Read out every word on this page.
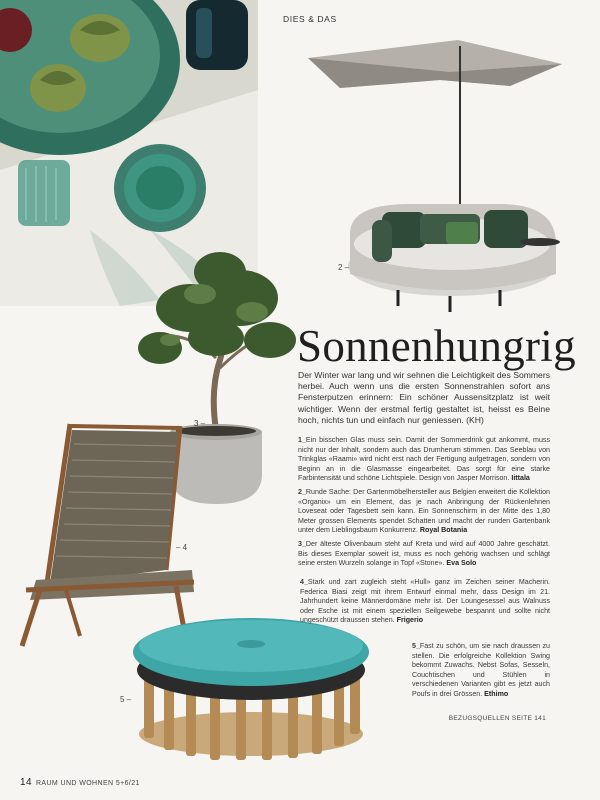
DIES & DAS
2 –
3 –
– 4
5 –
Sonnenhungrig

Der Winter war lang und wir sehnen die Leichtigkeit des Sommers herbei. Auch wenn uns die ersten Sonnenstrahlen sofort ans Fensterputzen erinnern: Ein schöner Aussensitzplatz ist weit wichtiger. Wenn der erstmal fertig gestaltet ist, heisst es Beine hoch, nichts tun und einfach nur geniessen. (KH)

1_Ein bisschen Glas muss sein. Damit der Sommerdrink gut ankommt, muss nicht nur der Inhalt, sondern auch das Drumherum stimmen. Das Seeblau von Trinkglas «Raami» wird nicht erst nach der Fertigung aufgetragen, sondern von Beginn an in die Glasmasse eingearbeitet. Das sorgt für eine starke Farbintensität und schöne Lichtspiele. Design von Jasper Morrison. Iittala

2_Runde Sache: Der Gartenmöbelhersteller aus Belgien erweitert die Kollektion «Organix» um ein Element, das je nach Anbringung der Rückenlehnen Loveseat oder Tagesbett sein kann. Ein Sonnenschirm in der Mitte des 1,80 Meter grossen Elements spendet Schatten und macht der runden Gartenbank unter dem Lieblingsbaum Konkurrenz. Royal Botania

3_Der älteste Olivenbaum steht auf Kreta und wird auf 4000 Jahre geschätzt. Bis dieses Exemplar soweit ist, muss es noch gehörig wachsen und schlägt seine ersten Wurzeln solange in Topf «Stone». Eva Solo

4_Stark und zart zugleich steht «Hull» ganz im Zeichen seiner Macherin. Federica Biasi zeigt mit ihrem Entwurf einmal mehr, dass Design im 21. Jahrhundert keine Männerdomäne mehr ist. Der Loungesessel aus Walnuss oder Esche ist mit einem speziellen Seilgewebe bespannt und sollte nicht ungeschützt draussen stehen. Frigerio

5_Fast zu schön, um sie nach draussen zu stellen. Die erfolgreiche Kollektion Swing bekommt Zuwachs. Nebst Sofas, Sesseln, Couchtischen und Stühlen in verschiedenen Varianten gibt es jetzt auch Poufs in drei Grössen. Ethimo

BEZUGSQUELLEN SEITE 141
14 RAUM UND WOHNEN 5+6/21
